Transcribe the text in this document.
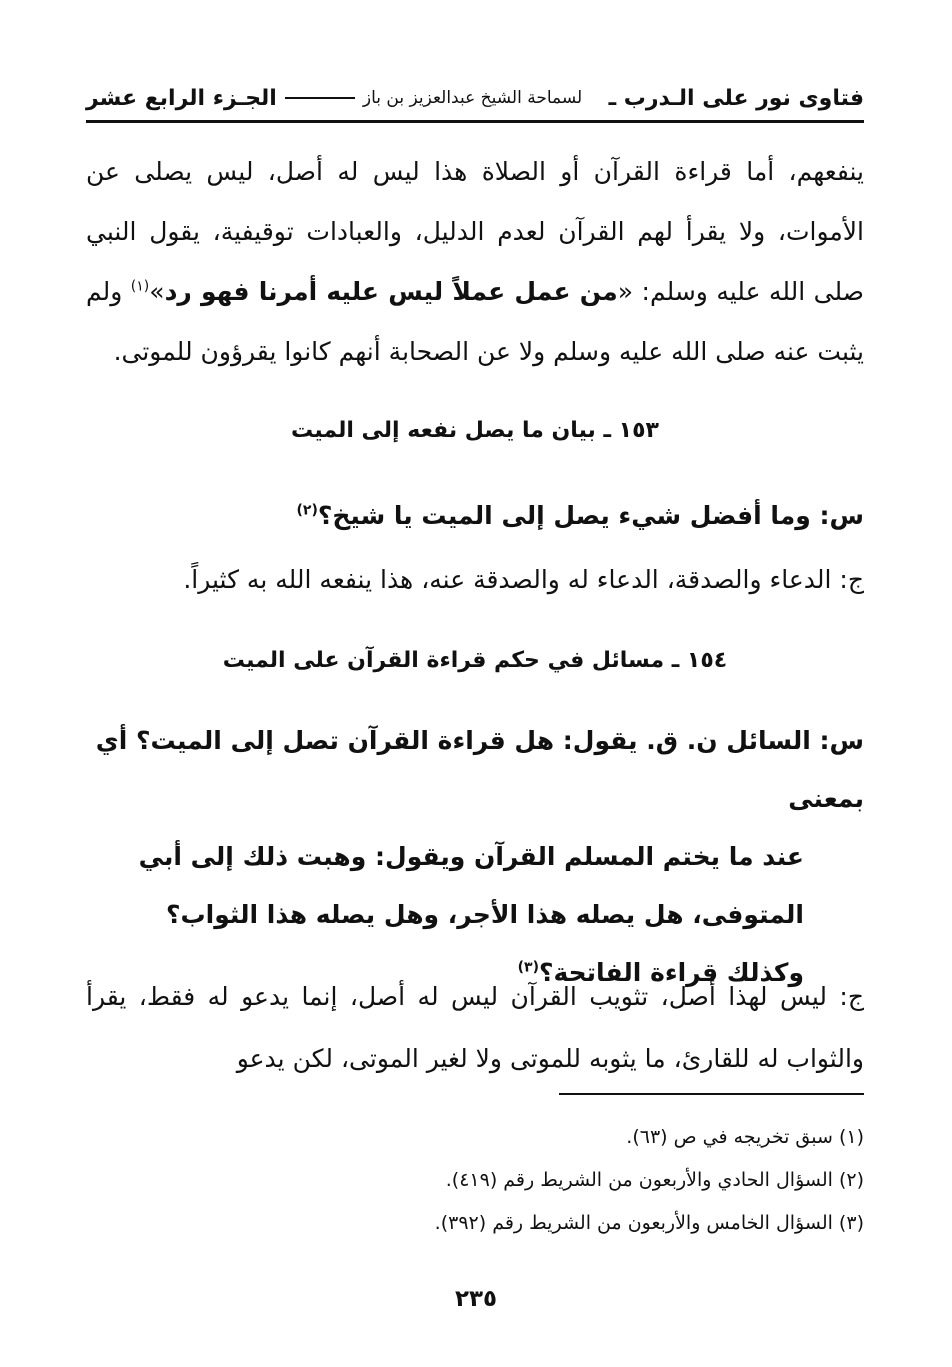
فتاوى نور على الـدرب ـ
لسماحة الشيخ عبدالعزيز بن باز
الجـزء الرابع عشر
ينفعهم، أما قراءة القرآن أو الصلاة هذا ليس له أصل، ليس يصلى عن الأموات، ولا يقرأ لهم القرآن لعدم الدليل، والعبادات توقيفية، يقول النبي صلى الله عليه وسلم: «من عمل عملاً ليس عليه أمرنا فهو رد»$^{(١)}$ ولم يثبت عنه صلى الله عليه وسلم ولا عن الصحابة أنهم كانوا يقرؤون للموتى.
١٥٣ ـ بيان ما يصل نفعه إلى الميت
س: وما أفضل شيء يصل إلى الميت يا شيخ؟$^{(٢)}$
ج: الدعاء والصدقة، الدعاء له والصدقة عنه، هذا ينفعه الله به كثيراً.
١٥٤ ـ مسائل في حكم قراءة القرآن على الميت
س: السائل ن. ق. يقول: هل قراءة القرآن تصل إلى الميت؟ أي بمعنى
عند ما يختم المسلم القرآن ويقول: وهبت ذلك إلى أبي المتوفى، هل يصله هذا الأجر، وهل يصله هذا الثواب؟ وكذلك قراءة الفاتحة؟$^{(٣)}$
ج: ليس لهذا أصل، تثويب القرآن ليس له أصل، إنما يدعو له فقط، يقرأ والثواب له للقارئ، ما يثوبه للموتى ولا لغير الموتى، لكن يدعو
(١) سبق تخريجه في ص (٦٣).
(٢) السؤال الحادي والأربعون من الشريط رقم (٤١٩).
(٣) السؤال الخامس والأربعون من الشريط رقم (٣٩٢).
٢٣٥
